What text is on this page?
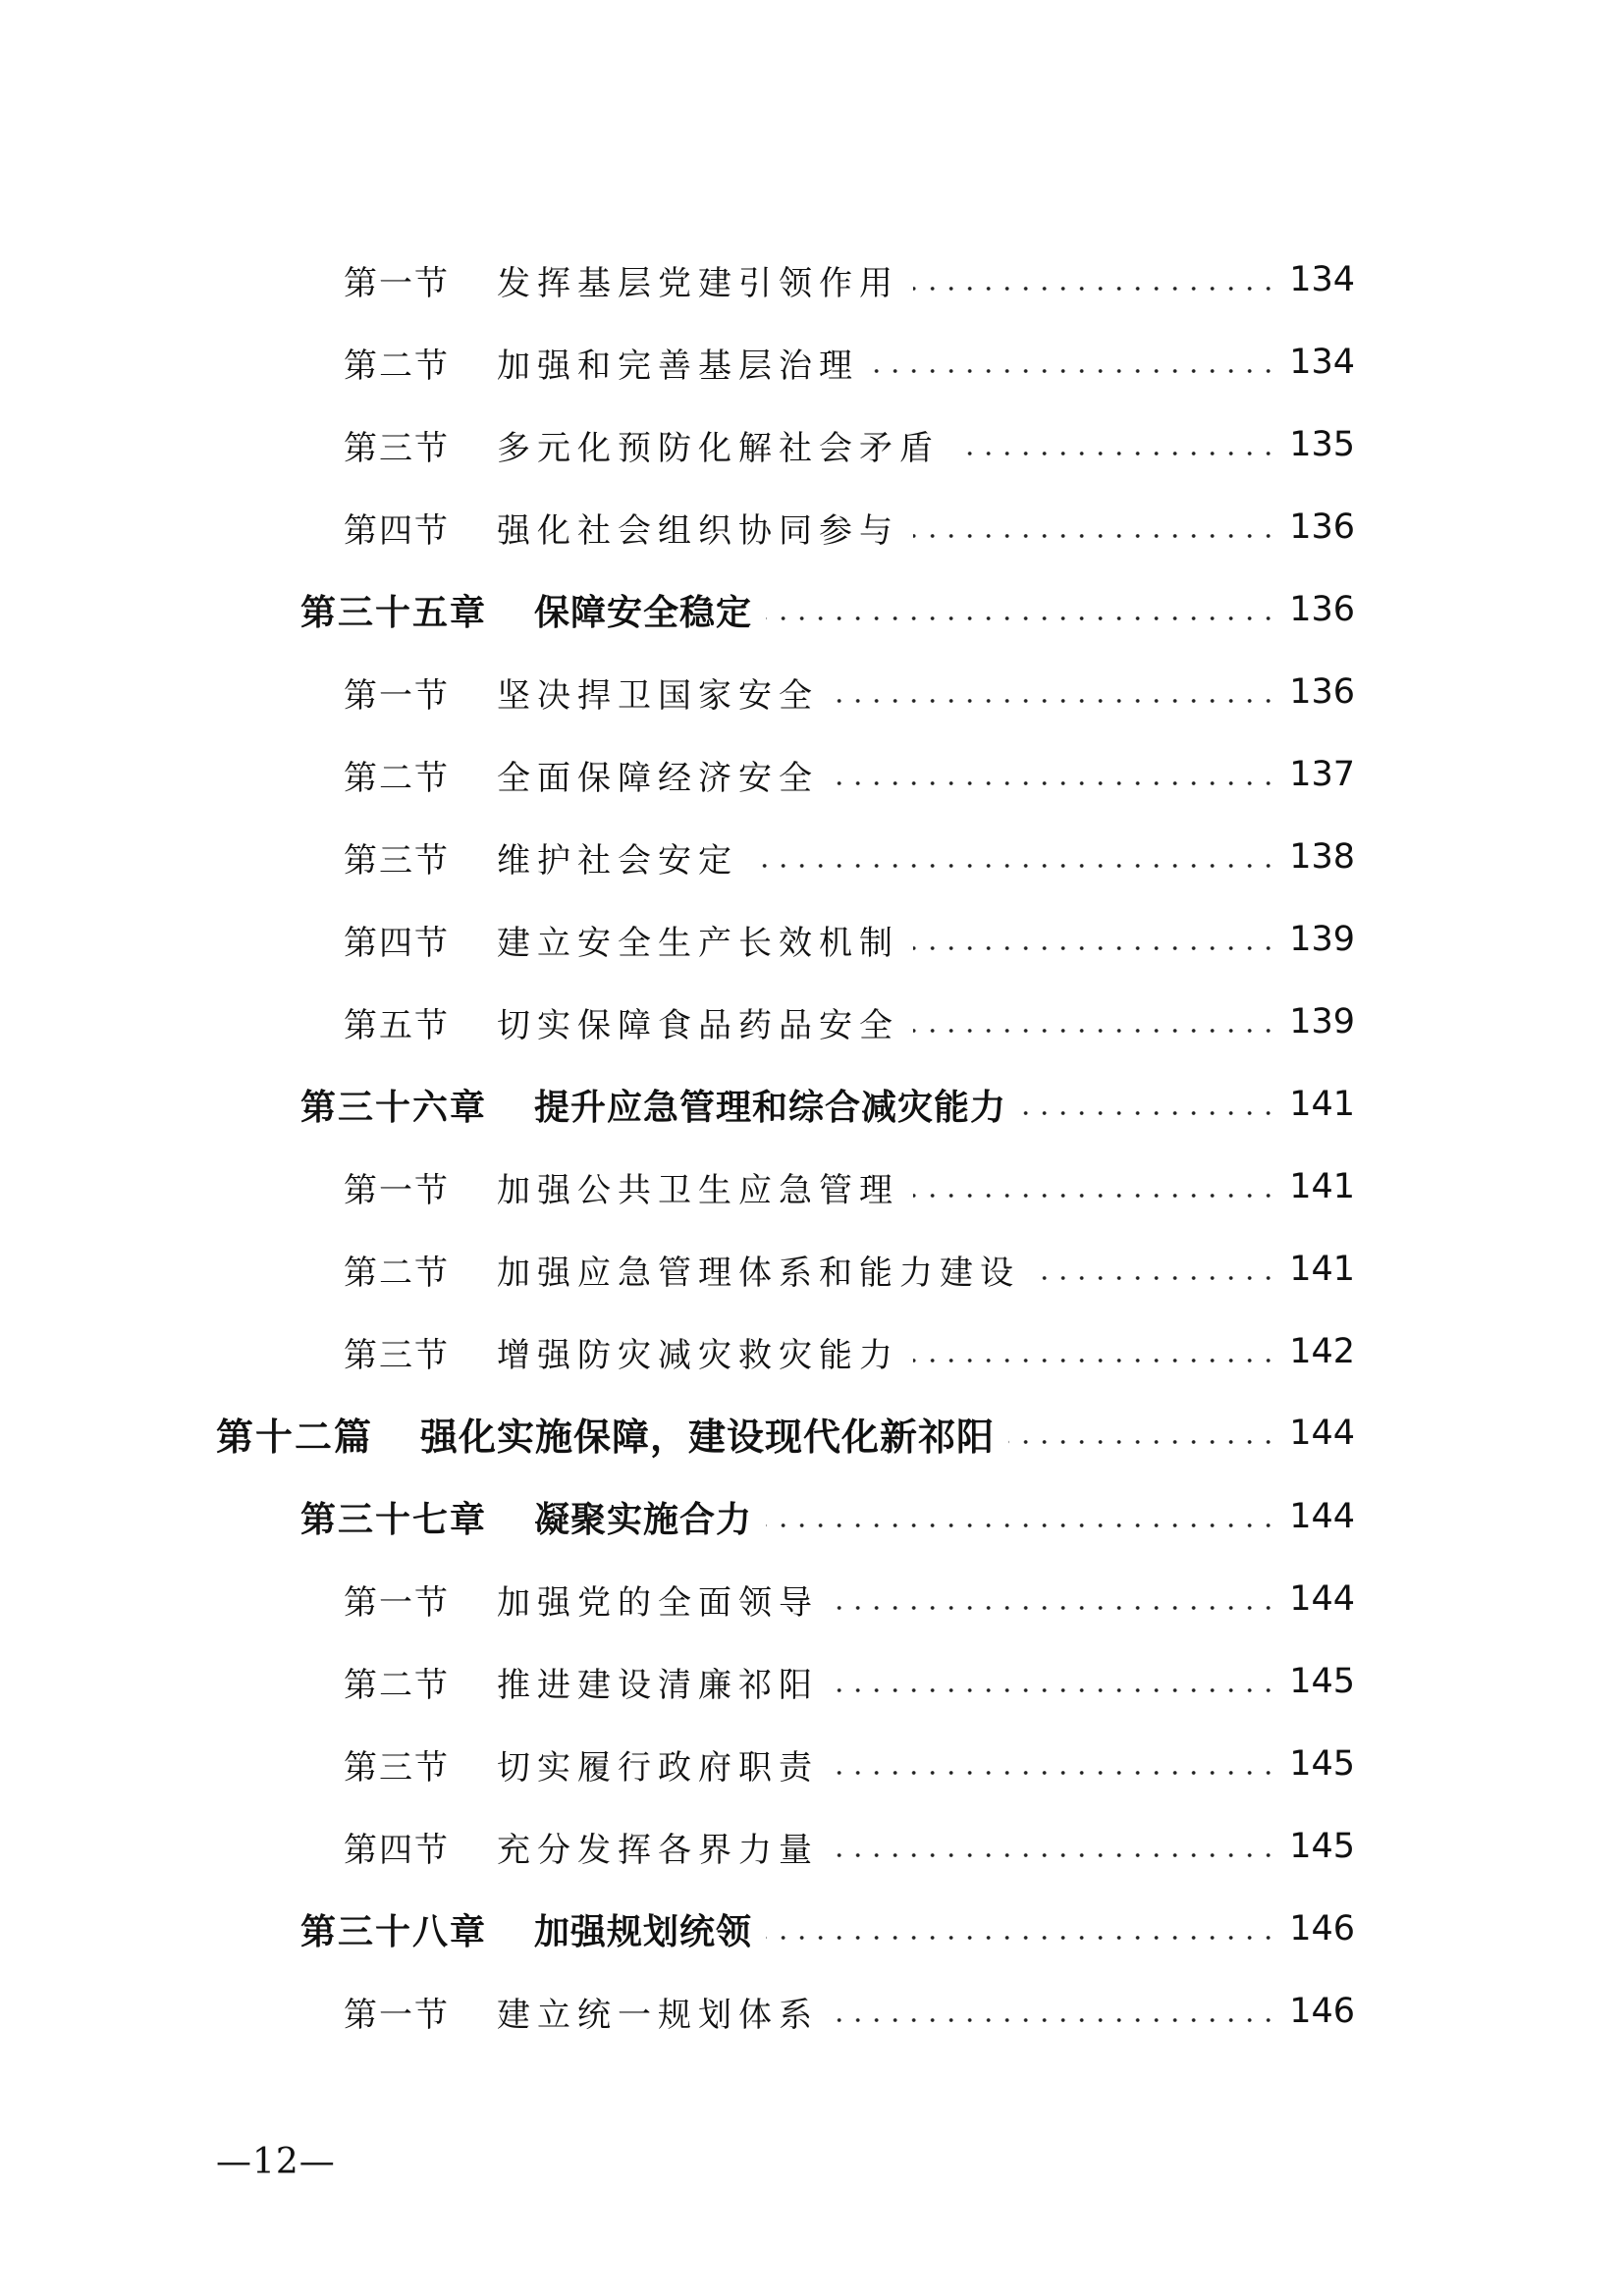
第一节 发挥基层党建引领作用	134
第二节 加强和完善基层治理	134
第三节 多元化预防化解社会矛盾	135
第四节 强化社会组织协同参与	136
第三十五章 保障安全稳定	136
第一节 坚决捍卫国家安全	136
第二节 全面保障经济安全	137
第三节 维护社会安定	138
第四节 建立安全生产长效机制	139
第五节 切实保障食品药品安全	139
第三十六章 提升应急管理和综合减灾能力	141
第一节 加强公共卫生应急管理	141
第二节 加强应急管理体系和能力建设	141
第三节 增强防灾减灾救灾能力	142
第十二篇 强化实施保障，建设现代化新祁阳	144
第三十七章 凝聚实施合力	144
第一节 加强党的全面领导	144
第二节 推进建设清廉祁阳	145
第三节 切实履行政府职责	145
第四节 充分发挥各界力量	145
第三十八章 加强规划统领	146
第一节 建立统一规划体系	146
—12—
